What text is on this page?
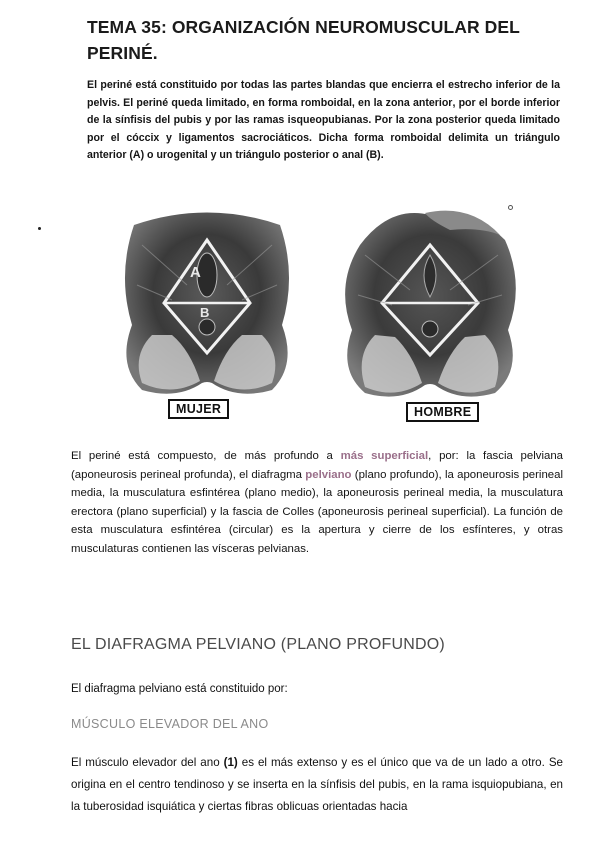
TEMA 35: ORGANIZACIÓN NEUROMUSCULAR DEL PERINÉ.
El periné está constituido por todas las partes blandas que encierra el estrecho inferior de la pelvis. El periné queda limitado, en forma romboidal, en la zona anterior, por el borde inferior de la sínfisis del pubis y por las ramas isqueopubianas. Por la zona posterior queda limitado por el cóccix y ligamentos sacrociáticos. Dicha forma romboidal delimita un triángulo anterior (A) o urogenital y un triángulo posterior o anal (B).
A
B
MUJER	HOMBRE
El periné está compuesto, de más profundo a más superficial, por: la fascia pelviana (aponeurosis perineal profunda), el diafragma pelviano (plano profundo), la aponeurosis perineal media, la musculatura esfintérea (plano medio), la aponeurosis perineal media, la musculatura erectora (plano superficial) y la fascia de Colles (aponeurosis perineal superficial). La función de esta musculatura esfintérea (circular) es la apertura y cierre de los esfínteres, y otras musculaturas contienen las vísceras pelvianas.
EL DIAFRAGMA PELVIANO (PLANO PROFUNDO)
El diafragma pelviano está constituido por:
MÚSCULO ELEVADOR DEL ANO
El músculo elevador del ano (1) es el más extenso y es el único que va de un lado a otro. Se origina en el centro tendinoso y se inserta en la sínfisis del pubis, en la rama isquiopubiana, en la tuberosidad isquiática y ciertas fibras oblicuas orientadas hacia
